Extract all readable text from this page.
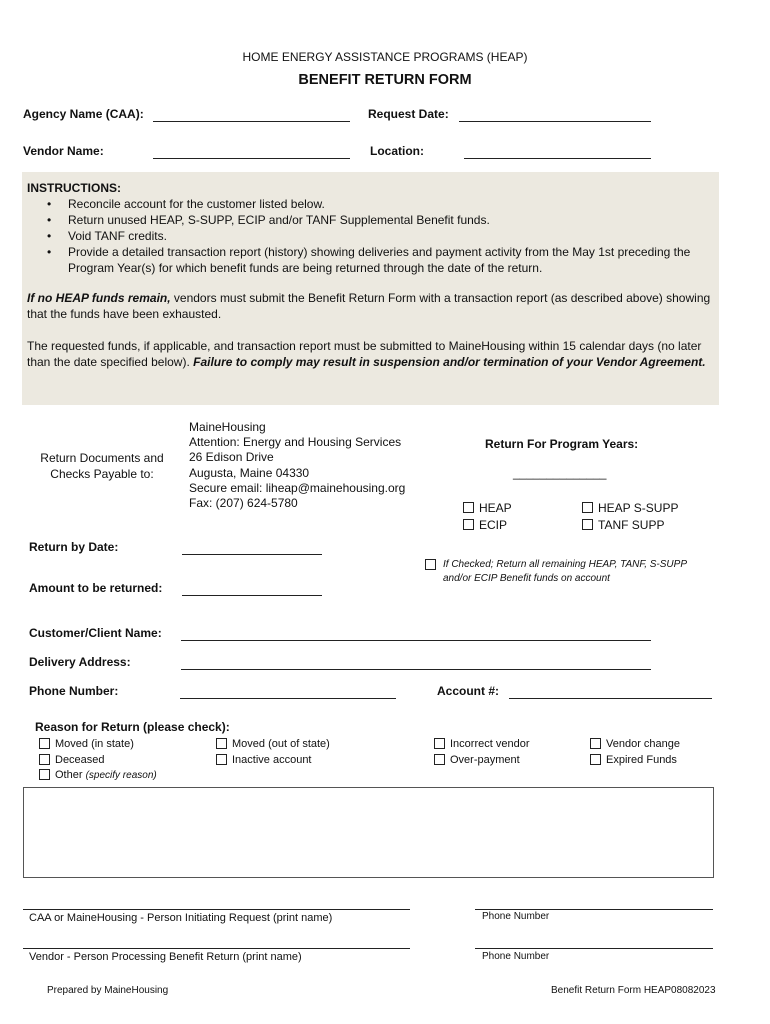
HOME ENERGY ASSISTANCE PROGRAMS (HEAP)
BENEFIT RETURN FORM
Agency Name (CAA):	Request Date:
Vendor Name:	Location:
INSTRUCTIONS:
• Reconcile account for the customer listed below.
• Return unused HEAP, S-SUPP, ECIP and/or TANF Supplemental Benefit funds.
• Void TANF credits.
• Provide a detailed transaction report (history) showing deliveries and payment activity from the May 1st preceding the Program Year(s) for which benefit funds are being returned through the date of the return.

If no HEAP funds remain, vendors must submit the Benefit Return Form with a transaction report (as described above) showing that the funds have been exhausted.

The requested funds, if applicable, and transaction report must be submitted to MaineHousing within 15 calendar days (no later than the date specified below). Failure to comply may result in suspension and/or termination of your Vendor Agreement.

Return Documents and
Checks Payable to:
MaineHousing
Attention: Energy and Housing Services
26 Edison Drive
Augusta, Maine 04330
Secure email: liheap@mainehousing.org
Fax: (207) 624-5780
Return For Program Years:
______________
HEAP	HEAP S-SUPP
ECIP	TANF SUPP
If Checked; Return all remaining HEAP, TANF, S-SUPP
and/or ECIP Benefit funds on account
Return by Date:
Amount to be returned:
Customer/Client Name:
Delivery Address:
Phone Number:	Account #:
Reason for Return (please check):
Moved (in state)	Moved (out of state)	Incorrect vendor	Vendor change
Deceased	Inactive account	Over-payment	Expired Funds
Other (specify reason)
CAA or MaineHousing - Person Initiating Request (print name)	Phone Number
Vendor - Person Processing Benefit Return (print name)	Phone Number
Prepared by MaineHousing	Benefit Return Form HEAP08082023
